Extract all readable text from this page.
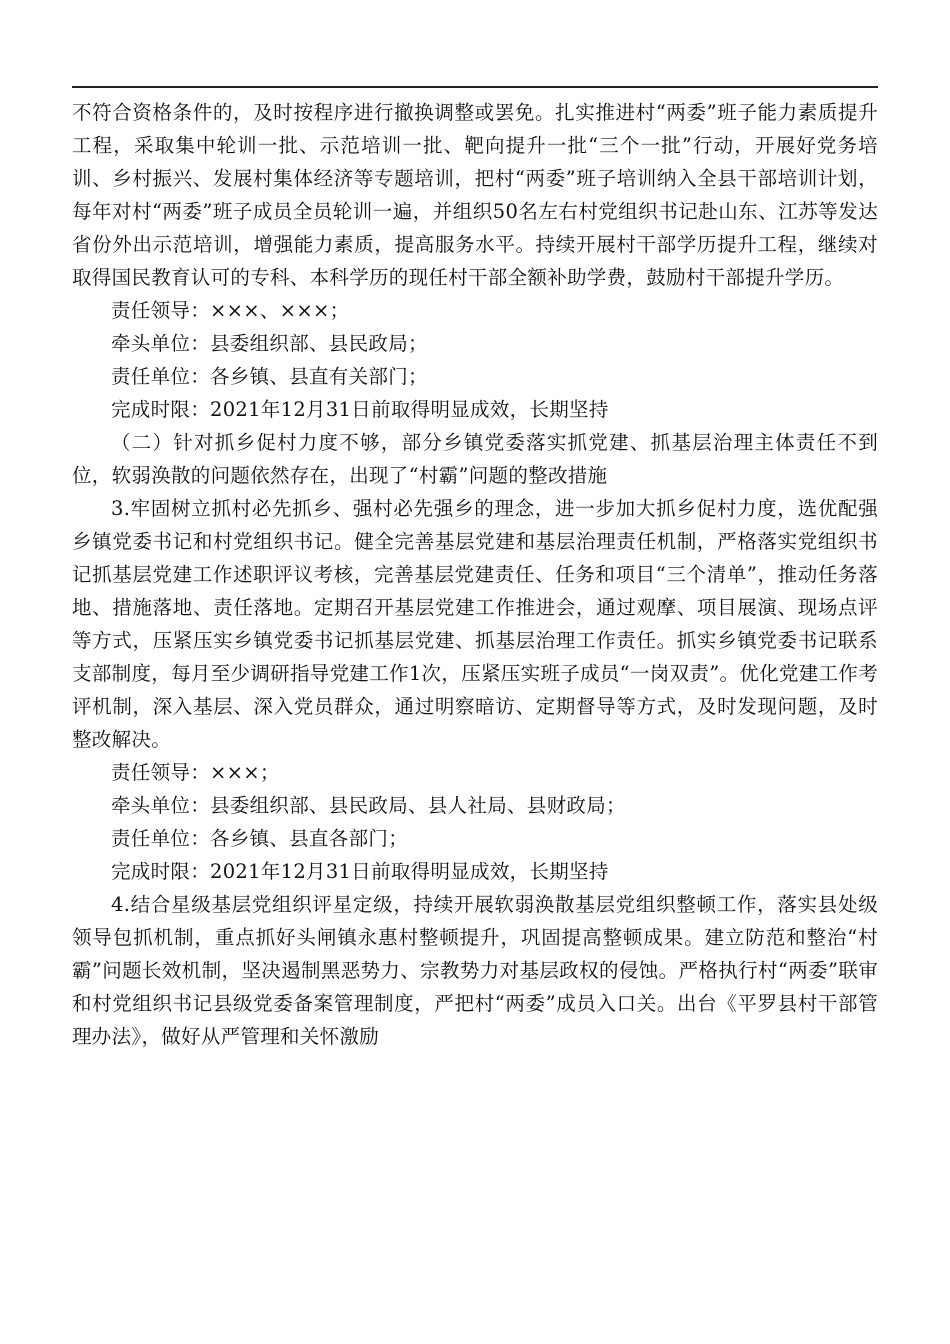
不符合资格条件的，及时按程序进行撤换调整或罢免。扎实推进村“两委”班子能力素质提升工程，采取集中轮训一批、示范培训一批、靶向提升一批“三个一批”行动，开展好党务培训、乡村振兴、发展村集体经济等专题培训，把村“两委”班子培训纳入全县干部培训计划，每年对村“两委”班子成员全员轮训一遍，并组织50名左右村党组织书记赴山东、江苏等发达省份外出示范培训，增强能力素质，提高服务水平。持续开展村干部学历提升工程，继续对取得国民教育认可的专科、本科学历的现任村干部全额补助学费，鼓励村干部提升学历。

责任领导：×××、×××；

牵头单位：县委组织部、县民政局；

责任单位：各乡镇、县直有关部门；

完成时限：2021年12月31日前取得明显成效，长期坚持

（二）针对抓乡促村力度不够，部分乡镇党委落实抓党建、抓基层治理主体责任不到位，软弱涣散的问题依然存在，出现了“村霸”问题的整改措施

3.牢固树立抓村必先抓乡、强村必先强乡的理念，进一步加大抓乡促村力度，选优配强乡镇党委书记和村党组织书记。健全完善基层党建和基层治理责任机制，严格落实党组织书记抓基层党建工作述职评议考核，完善基层党建责任、任务和项目“三个清单”，推动任务落地、措施落地、责任落地。定期召开基层党建工作推进会，通过观摩、项目展演、现场点评等方式，压紧压实乡镇党委书记抓基层党建、抓基层治理工作责任。抓实乡镇党委书记联系支部制度，每月至少调研指导党建工作1次，压紧压实班子成员“一岗双责”。优化党建工作考评机制，深入基层、深入党员群众，通过明察暗访、定期督导等方式，及时发现问题，及时整改解决。

责任领导：×××；

牵头单位：县委组织部、县民政局、县人社局、县财政局；

责任单位：各乡镇、县直各部门；

完成时限：2021年12月31日前取得明显成效，长期坚持

4.结合星级基层党组织评星定级，持续开展软弱涣散基层党组织整顿工作，落实县处级领导包抓机制，重点抓好头闸镇永惠村整顿提升，巩固提高整顿成果。建立防范和整治“村霸”问题长效机制，坚决遏制黑恶势力、宗教势力对基层政权的侵蚀。严格执行村“两委”联审和村党组织书记县级党委备案管理制度，严把村“两委”成员入口关。出台《平罗县村干部管理办法》，做好从严管理和关怀激励
